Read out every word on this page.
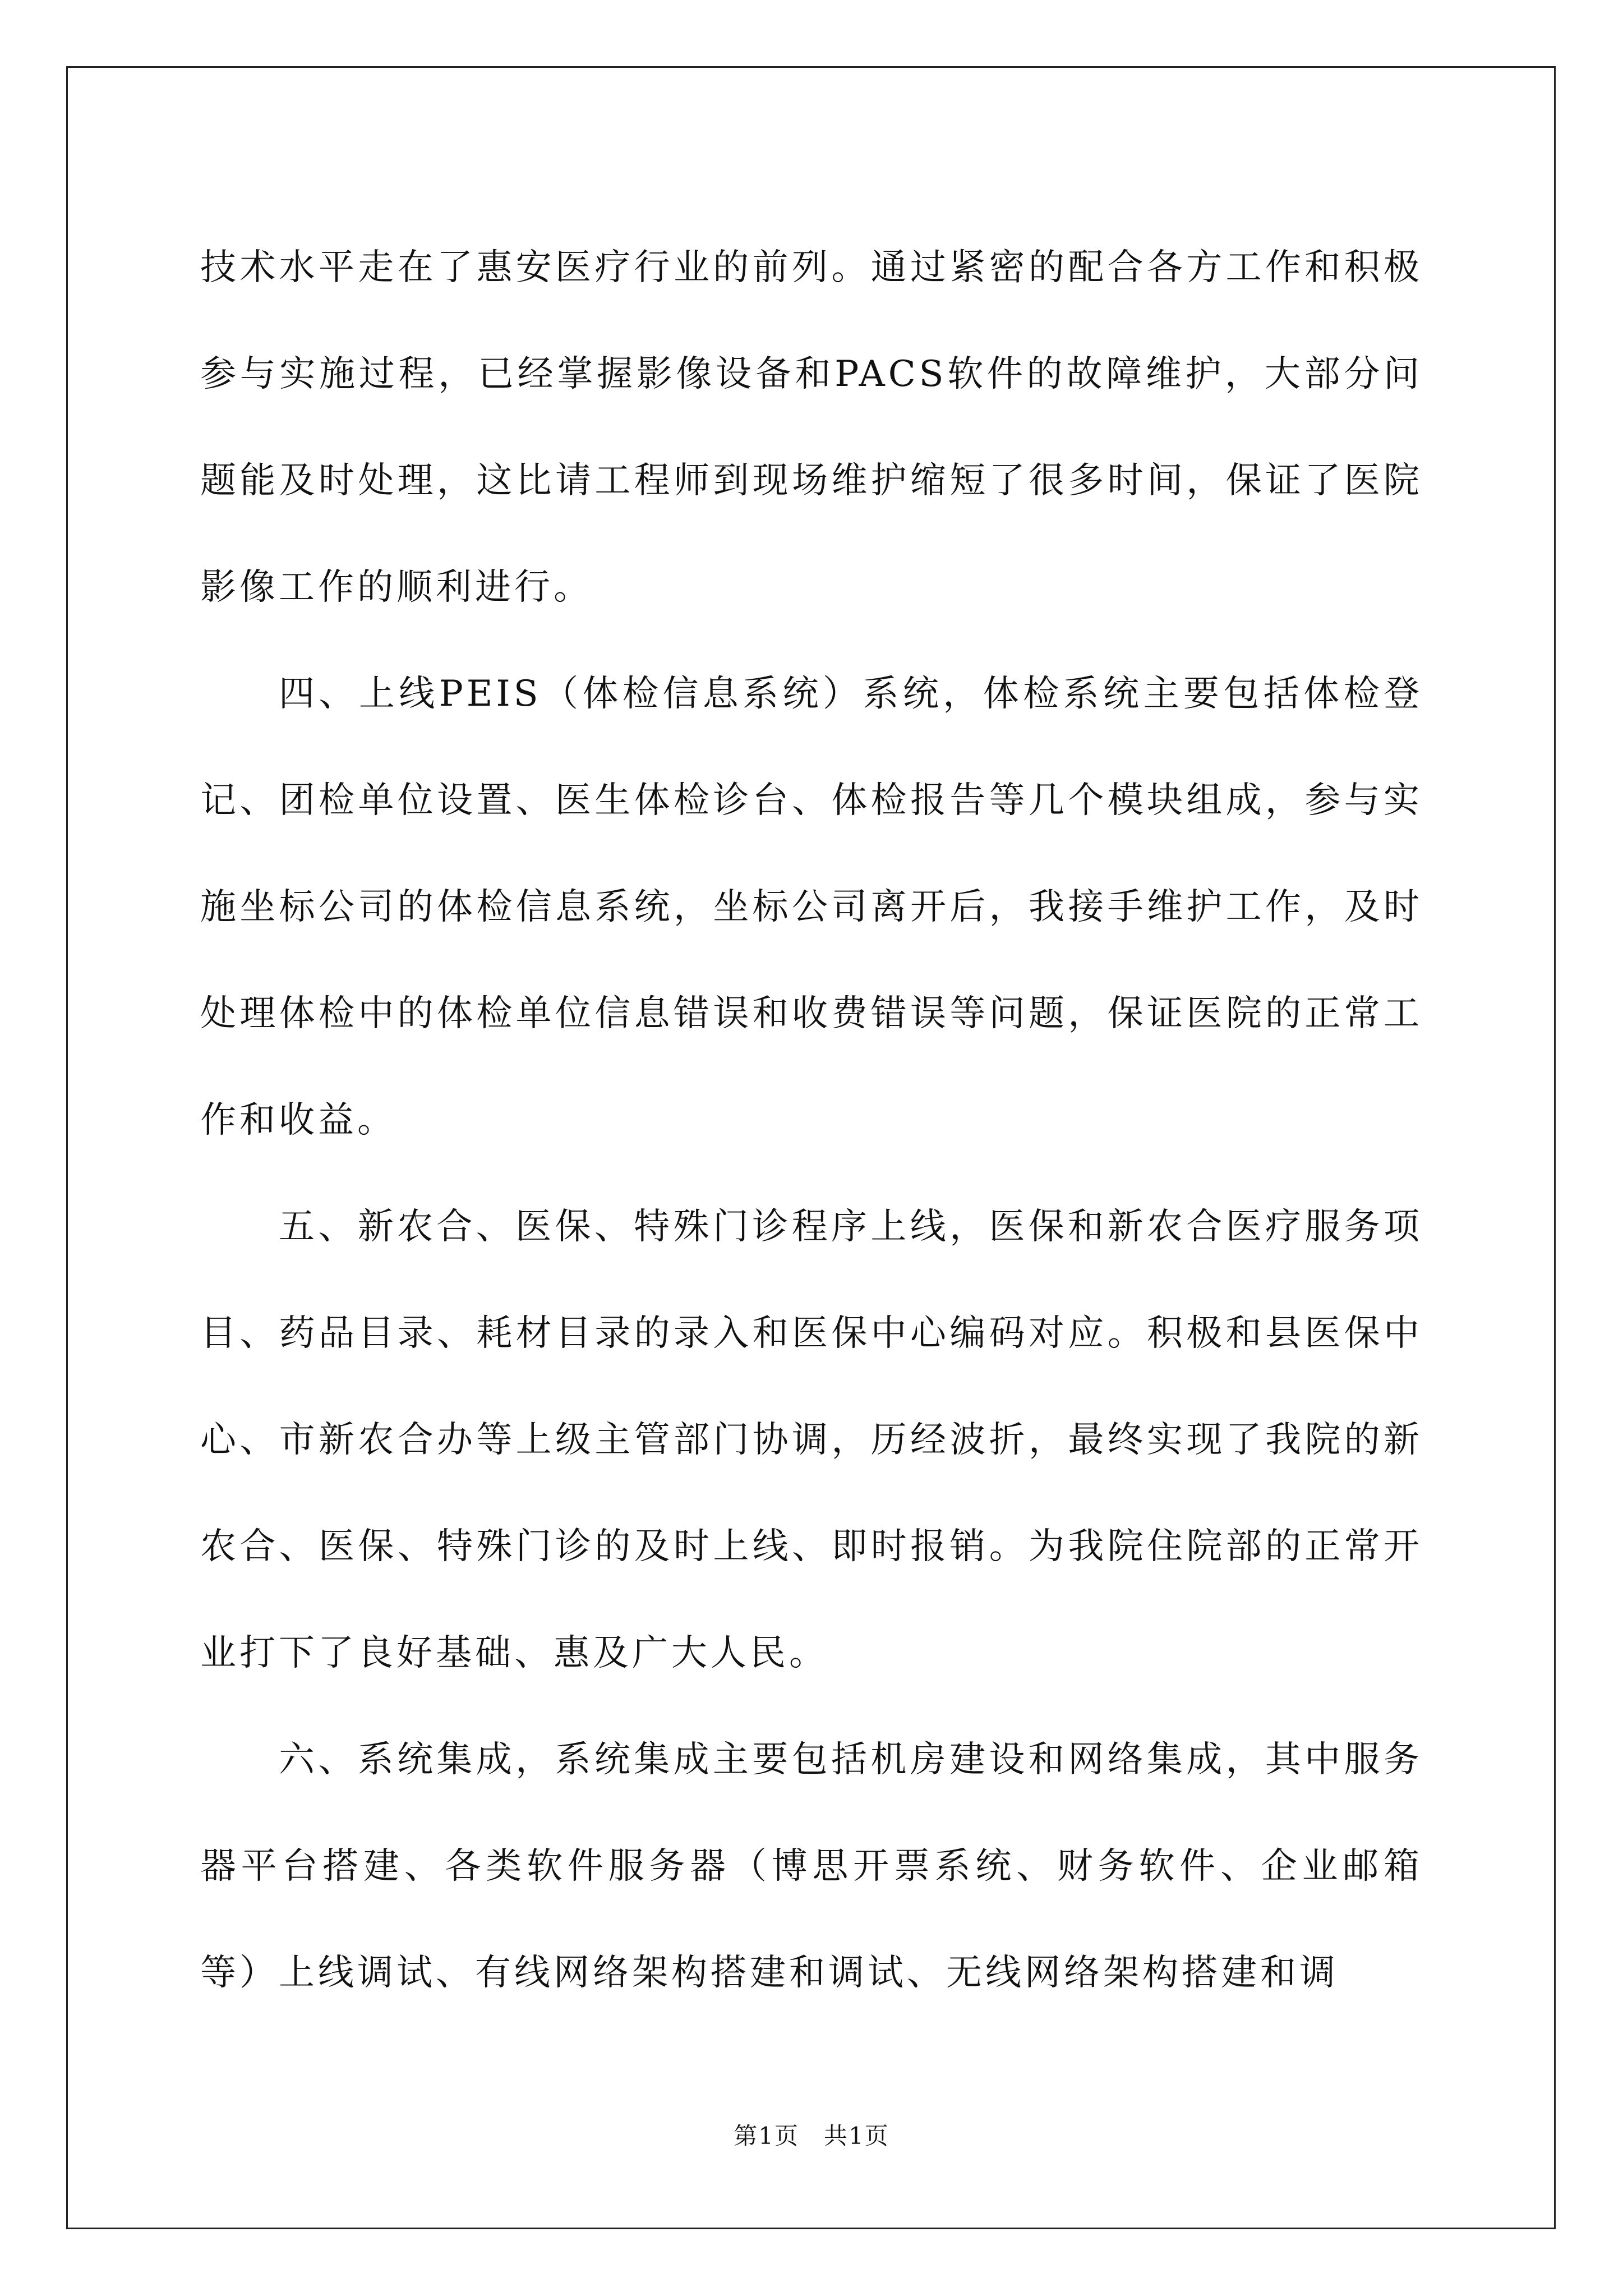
技术水平走在了惠安医疗行业的前列。通过紧密的配合各方工作和积极参与实施过程，已经掌握影像设备和PACS软件的故障维护，大部分问题能及时处理，这比请工程师到现场维护缩短了很多时间，保证了医院影像工作的顺利进行。

四、上线PEIS（体检信息系统）系统，体检系统主要包括体检登记、团检单位设置、医生体检诊台、体检报告等几个模块组成，参与实施坐标公司的体检信息系统，坐标公司离开后，我接手维护工作，及时处理体检中的体检单位信息错误和收费错误等问题，保证医院的正常工作和收益。

五、新农合、医保、特殊门诊程序上线，医保和新农合医疗服务项目、药品目录、耗材目录的录入和医保中心编码对应。积极和县医保中心、市新农合办等上级主管部门协调，历经波折，最终实现了我院的新农合、医保、特殊门诊的及时上线、即时报销。为我院住院部的正常开业打下了良好基础、惠及广大人民。

六、系统集成，系统集成主要包括机房建设和网络集成，其中服务器平台搭建、各类软件服务器（博思开票系统、财务软件、企业邮箱等）上线调试、有线网络架构搭建和调试、无线网络架构搭建和调

第1页　共1页
